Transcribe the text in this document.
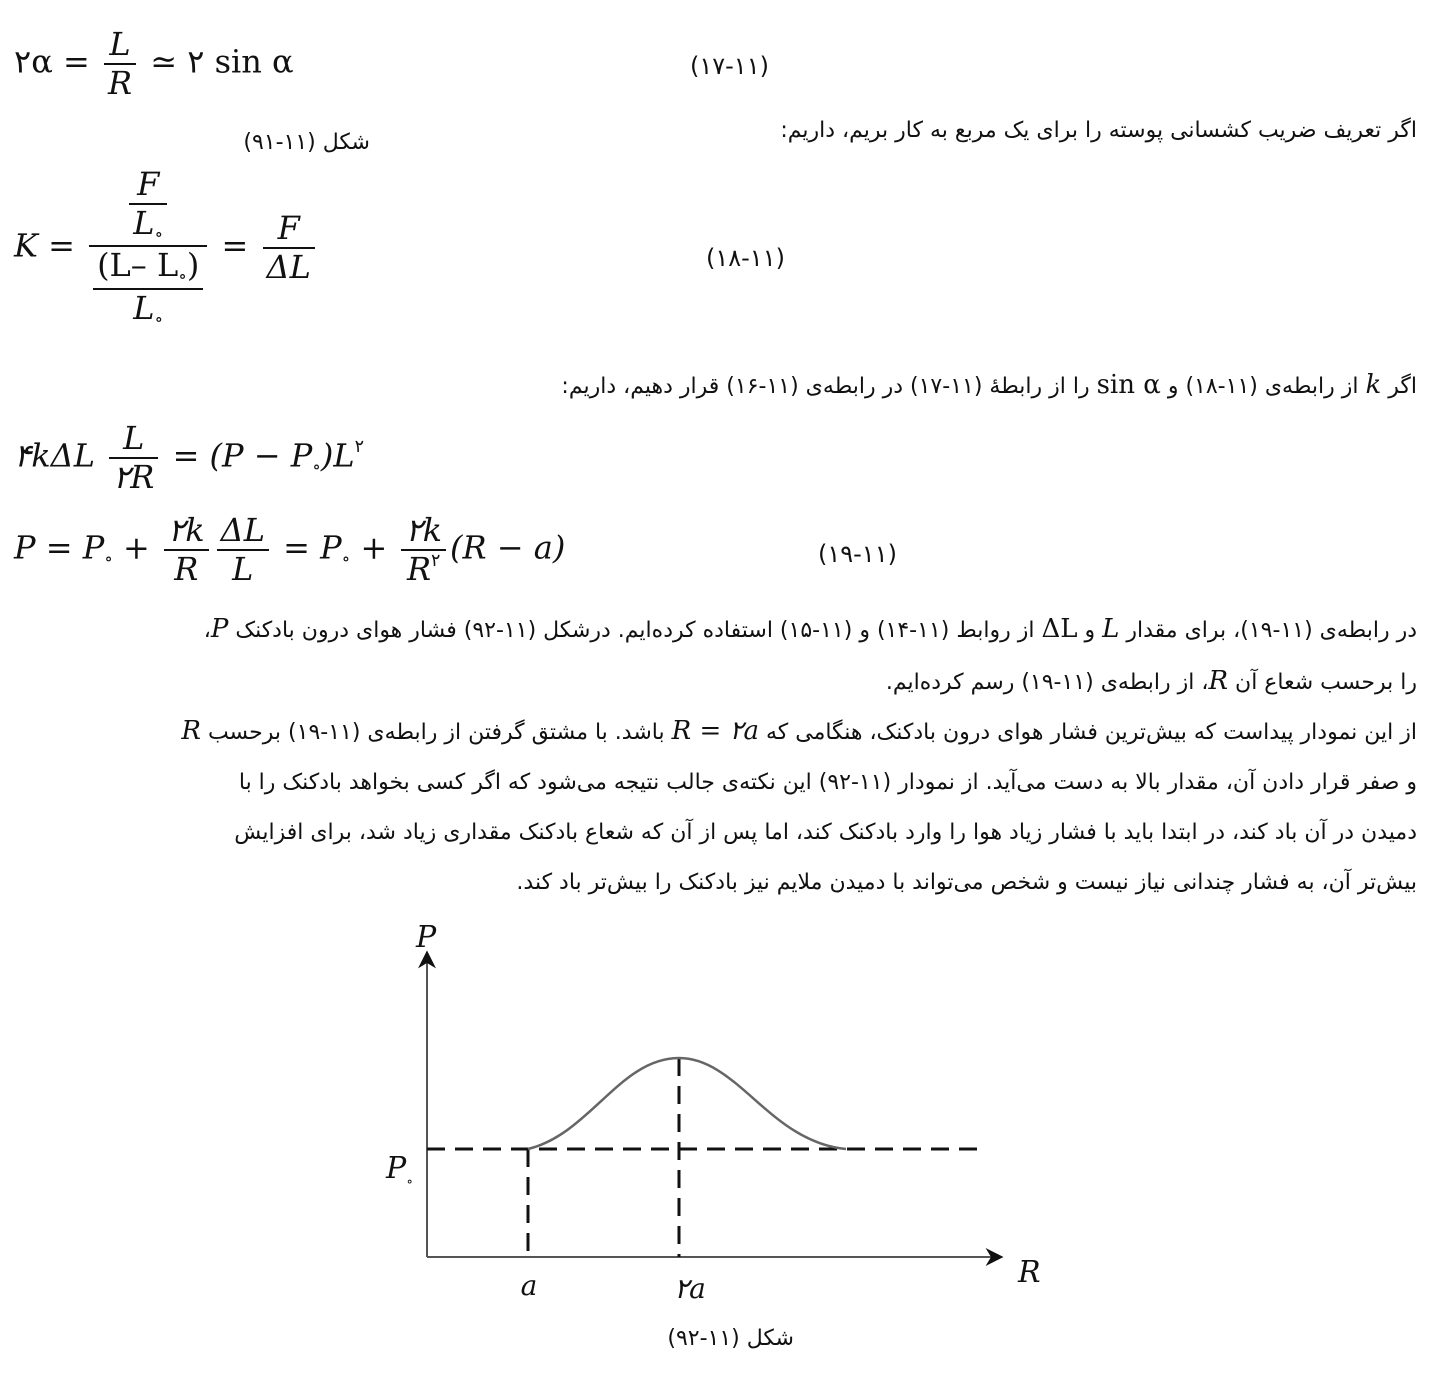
۲α = $\frac{L}{R}$ ≃ ۲ sin α	(۱۷-۱۱)
شکل (۱۱-۹۱)	اگر تعریف ضریب کشسانی پوسته را برای یک مربع به کار بریم، داریم:
$K = \frac{\frac{F}{L_\circ}}{\frac{(L- L_\circ)}{L_\circ}} = \frac{F}{\Delta L}$	(۱۸-۱۱)
اگر k از رابطه‌ی (۱۱-۱۸) و sin α را از رابطهٔ (۱۱-۱۷) در رابطه‌ی (۱۱-۱۶) قرار دهیم، داریم:
۴kΔL $\frac{L}{۲R} = (P - P_\circ)L^۲$
$P = P_\circ + \frac{۲k}{R} \frac{\Delta L}{L} = P_\circ + \frac{۲k}{R^۲} (R - a)$	(۱۹-۱۱)
در رابطه‌ی (۱۱-۱۹)، برای مقدار L و ΔL از روابط (۱۱-۱۴) و (۱۱-۱۵) استفاده کرده‌ایم. درشکل (۱۱-۹۲) فشار هوای درون بادکنک P،
را برحسب شعاع آن R، از رابطه‌ی (۱۱-۱۹) رسم کرده‌ایم.
از این نمودار پیداست که بیش‌ترین فشار هوای درون بادکنک، هنگامی که R = ۲a باشد. با مشتق گرفتن از رابطه‌ی (۱۱-۱۹) برحسب R
و صفر قرار دادن آن، مقدار بالا به دست می‌آید. از نمودار (۱۱-۹۲) این نکته‌ی جالب نتیجه می‌شود که اگر کسی بخواهد بادکنک را با
دمیدن در آن باد کند، در ابتدا باید با فشار زیاد هوا را وارد بادکنک کند، اما پس از آن که شعاع بادکنک مقداری زیاد شد، برای افزایش
بیش‌تر آن، به فشار چندانی نیاز نیست و شخص می‌تواند با دمیدن ملایم نیز بادکنک را بیش‌تر باد کند.
P
R
$P_\circ$
a	۲a
شکل (۱۱-۹۲)
